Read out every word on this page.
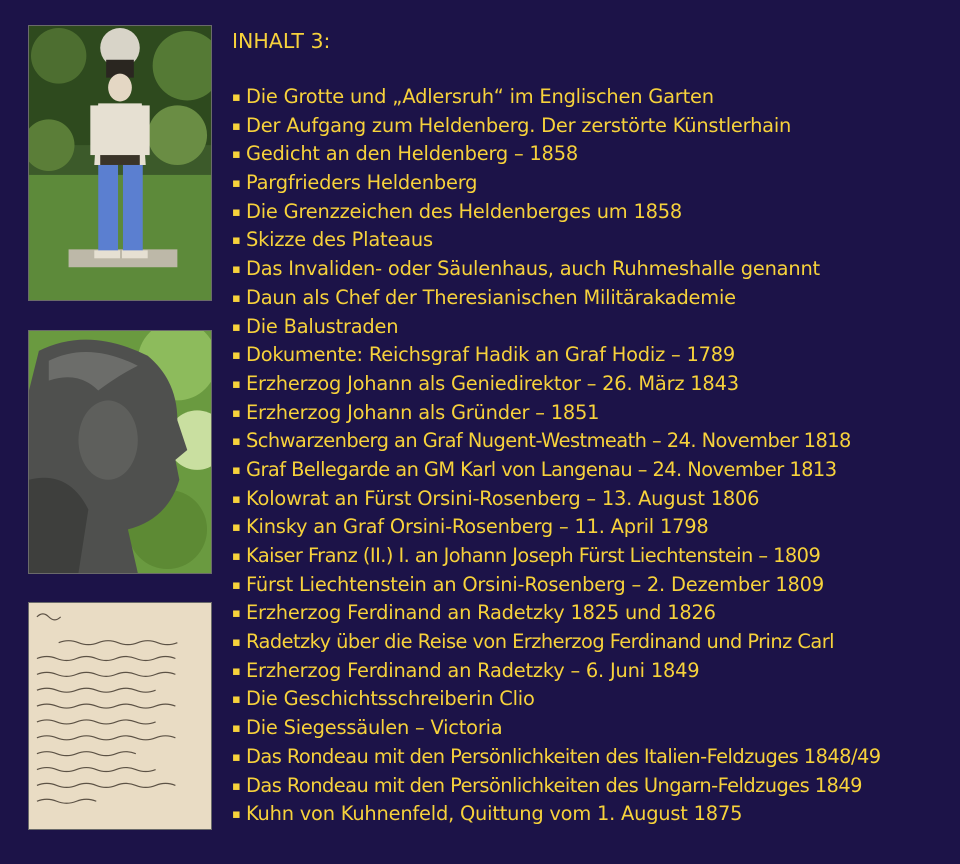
INHALT 3:
▪ Die Grotte und „Adlersruh“ im Englischen Garten
▪ Der Aufgang zum Heldenberg. Der zerstörte Künstlerhain
▪ Gedicht an den Heldenberg – 1858
▪ Pargfrieders Heldenberg
▪ Die Grenzzeichen des Heldenberges um 1858
▪ Skizze des Plateaus
▪ Das Invaliden- oder Säulenhaus, auch Ruhmeshalle genannt
▪ Daun als Chef der Theresianischen Militärakademie
▪ Die Balustraden
▪ Dokumente: Reichsgraf Hadik an Graf Hodiz – 1789
▪ Erzherzog Johann als Geniedirektor – 26. März 1843
▪ Erzherzog Johann als Gründer – 1851
▪ Schwarzenberg an Graf Nugent-Westmeath – 24. November 1818
▪ Graf Bellegarde an GM Karl von Langenau – 24. November 1813
▪ Kolowrat an Fürst Orsini-Rosenberg – 13. August 1806
▪ Kinsky an Graf Orsini-Rosenberg – 11. April 1798
▪ Kaiser Franz (II.) I. an Johann Joseph Fürst Liechtenstein – 1809
▪ Fürst Liechtenstein an Orsini-Rosenberg – 2. Dezember 1809
▪ Erzherzog Ferdinand an Radetzky 1825 und 1826
▪ Radetzky über die Reise von Erzherzog Ferdinand und Prinz Carl
▪ Erzherzog Ferdinand an Radetzky – 6. Juni 1849
▪ Die Geschichtsschreiberin Clio
▪ Die Siegessäulen – Victoria
▪ Das Rondeau mit den Persönlichkeiten des Italien-Feldzuges 1848/49
▪ Das Rondeau mit den Persönlichkeiten des Ungarn-Feldzuges 1849
▪ Kuhn von Kuhnenfeld, Quittung vom 1. August 1875
